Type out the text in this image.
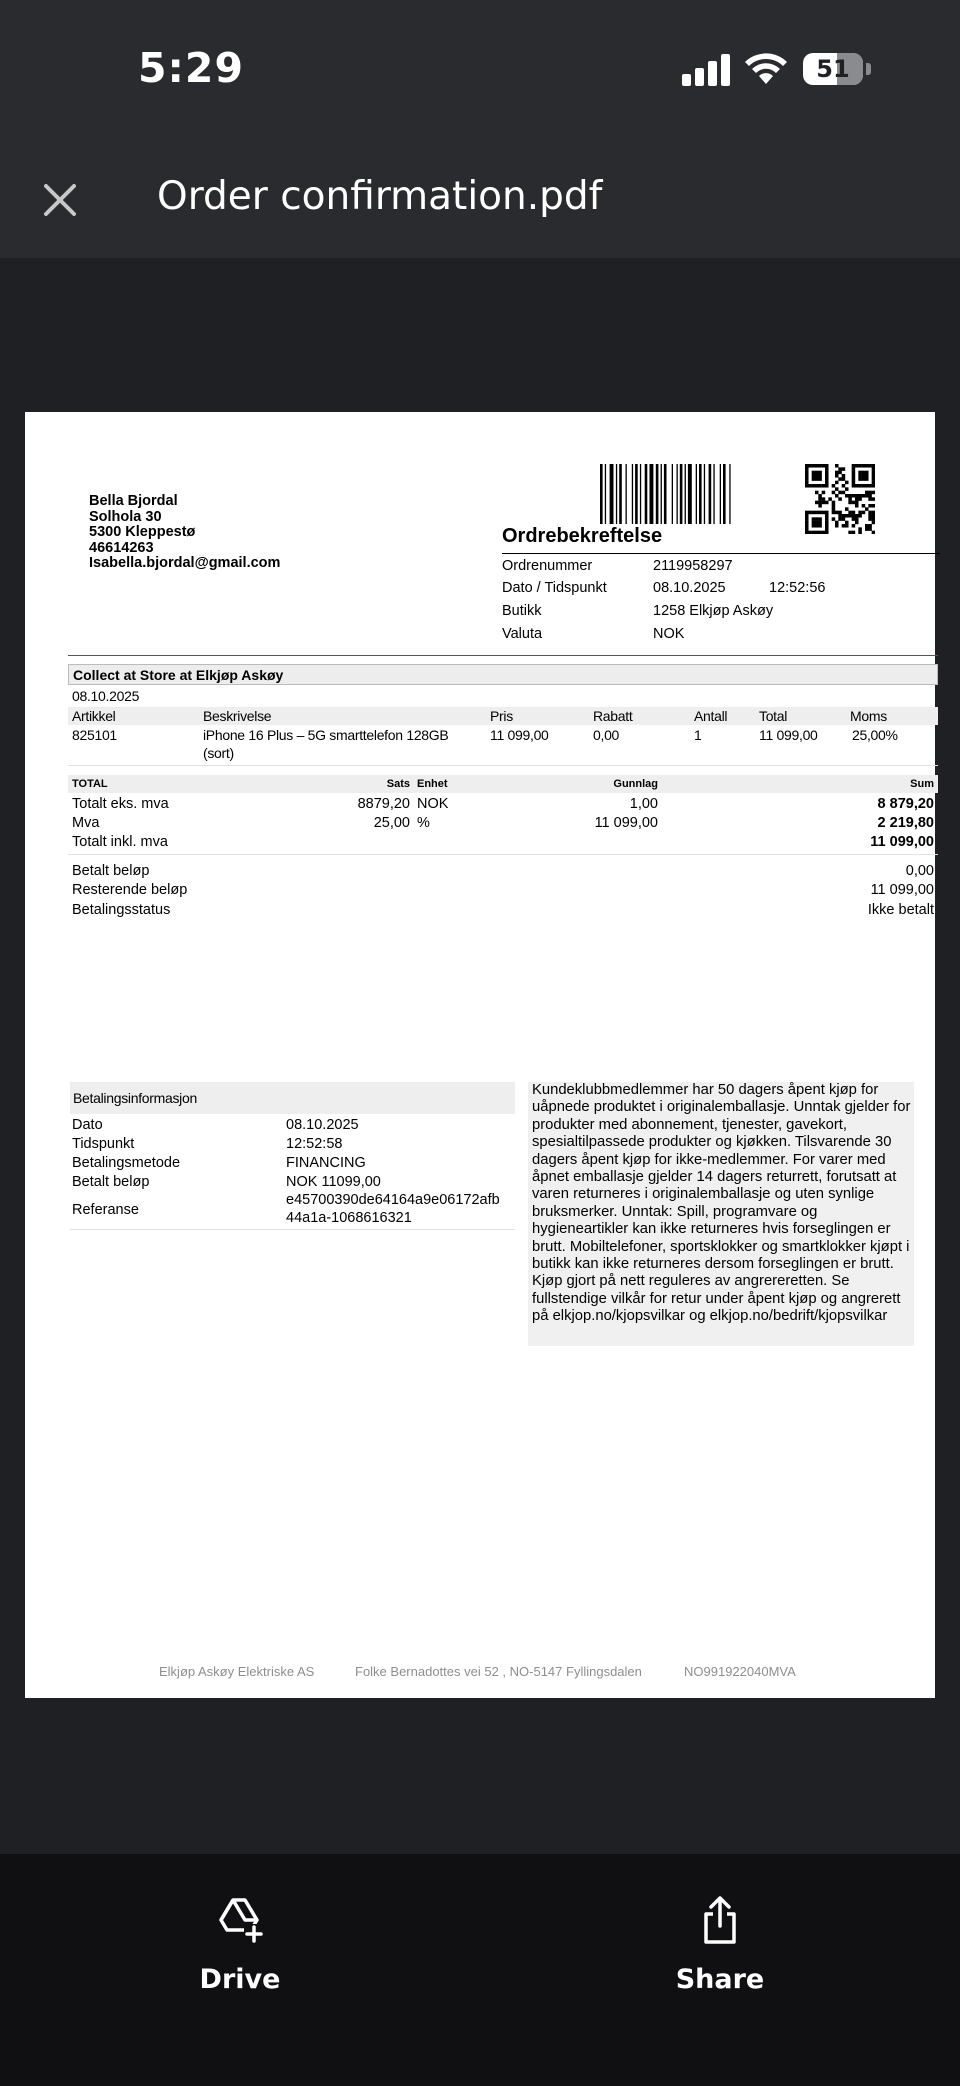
5:29	51
Order confirmation.pdf
Bella Bjordal
Solhola 30
5300 Kleppestø
46614263
Isabella.bjordal@gmail.com
Ordrebekreftelse
Ordrenummer	2119958297
Dato / Tidspunkt	08.10.2025	12:52:56
Butikk	1258 Elkjøp Askøy
Valuta	NOK
Collect at Store at Elkjøp Askøy
08.10.2025
Artikkel	Beskrivelse	Pris	Rabatt	Antall Total	Moms
825101	iPhone 16 Plus – 5G smarttelefon 128GB
(sort)
11 099,00	0,00	1	11 099,00 25,00%
TOTAL	Sats Enhet	Gunnlag	Sum
Totalt eks. mva	8879,20 NOK	1,00	8 879,20
Mva	25,00 %	11 099,00	2 219,80
Totalt inkl. mva	11 099,00
Betalt beløp	0,00
Resterende beløp	11 099,00
Betalingsstatus	Ikke betalt
Betalingsinformasjon
Dato	08.10.2025
Tidspunkt	12:52:58
Betalingsmetode	FINANCING
Betalt beløp	NOK 11099,00
Referanse
e45700390de64164a9e06172afb
44a1a-1068616321
Kundeklubbmedlemmer har 50 dagers åpent kjøp for uåpnede produktet i originalemballasje. Unntak gjelder for produkter med abonnement, tjenester, gavekort, spesialtilpassede produkter og kjøkken. Tilsvarende 30 dagers åpent kjøp for ikke-medlemmer. For varer med åpnet emballasje gjelder 14 dagers returrett, forutsatt at varen returneres i originalemballasje og uten synlige bruksmerker. Unntak: Spill, programvare og hygieneartikler kan ikke returneres hvis forseglingen er brutt. Mobiltelefoner, sportsklokker og smartklokker kjøpt i butikk kan ikke returneres dersom forseglingen er brutt. Kjøp gjort på nett reguleres av angrereretten. Se fullstendige vilkår for retur under åpent kjøp og angrerett på elkjop.no/kjopsvilkar og elkjop.no/bedrift/kjopsvilkar
Elkjøp Askøy Elektriske AS	Folke Bernadottes vei 52 , NO-5147 Fyllingsdalen	NO991922040MVA
Drive	Share
